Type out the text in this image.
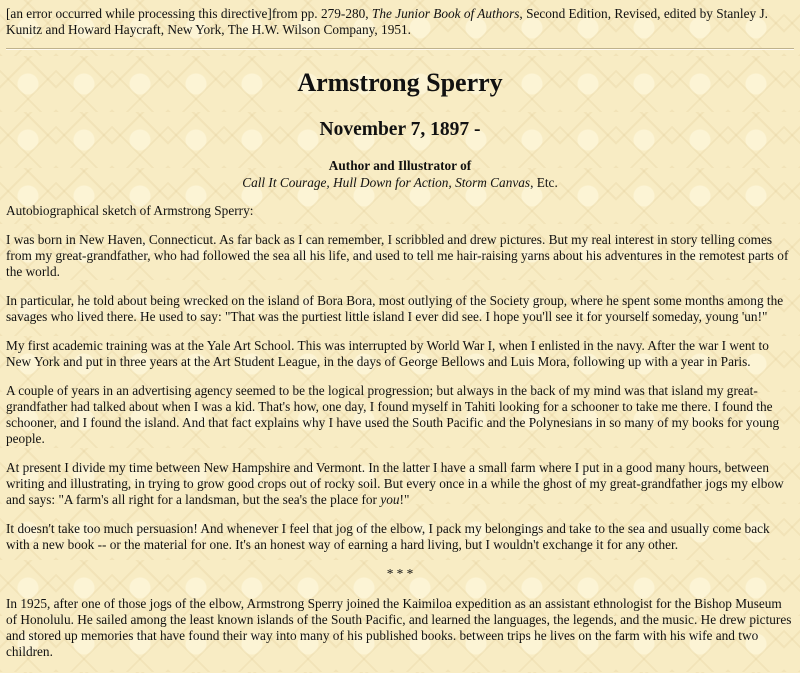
[an error occurred while processing this directive]from pp. 279-280, The Junior Book of Authors, Second Edition, Revised, edited by Stanley J. Kunitz and Howard Haycraft, New York, The H.W. Wilson Company, 1951.

Armstrong Sperry
November 7, 1897 -

Author and Illustrator of

Call It Courage, Hull Down for Action, Storm Canvas, Etc.

Autobiographical sketch of Armstrong Sperry:

I was born in New Haven, Connecticut. As far back as I can remember, I scribbled and drew pictures. But my real interest in story telling comes from my great-grandfather, who had followed the sea all his life, and used to tell me hair-raising yarns about his adventures in the remotest parts of the world.

In particular, he told about being wrecked on the island of Bora Bora, most outlying of the Society group, where he spent some months among the savages who lived there. He used to say: "That was the purtiest little island I ever did see. I hope you'll see it for yourself someday, young 'un!"

My first academic training was at the Yale Art School. This was interrupted by World War I, when I enlisted in the navy. After the war I went to New York and put in three years at the Art Student League, in the days of George Bellows and Luis Mora, following up with a year in Paris.

A couple of years in an advertising agency seemed to be the logical progression; but always in the back of my mind was that island my great-grandfather had talked about when I was a kid. That's how, one day, I found myself in Tahiti looking for a schooner to take me there. I found the schooner, and I found the island. And that fact explains why I have used the South Pacific and the Polynesians in so many of my books for young people.

At present I divide my time between New Hampshire and Vermont. In the latter I have a small farm where I put in a good many hours, between writing and illustrating, in trying to grow good crops out of rocky soil. But every once in a while the ghost of my great-grandfather jogs my elbow and says: "A farm's all right for a landsman, but the sea's the place for you!"

It doesn't take too much persuasion! And whenever I feel that jog of the elbow, I pack my belongings and take to the sea and usually come back with a new book -- or the material for one. It's an honest way of earning a hard living, but I wouldn't exchange it for any other.

* * *

In 1925, after one of those jogs of the elbow, Armstrong Sperry joined the Kaimiloa expedition as an assistant ethnologist for the Bishop Museum of Honolulu. He sailed among the least known islands of the South Pacific, and learned the languages, the legends, and the music. He drew pictures and stored up memories that have found their way into many of his published books. between trips he lives on the farm with his wife and two children.
